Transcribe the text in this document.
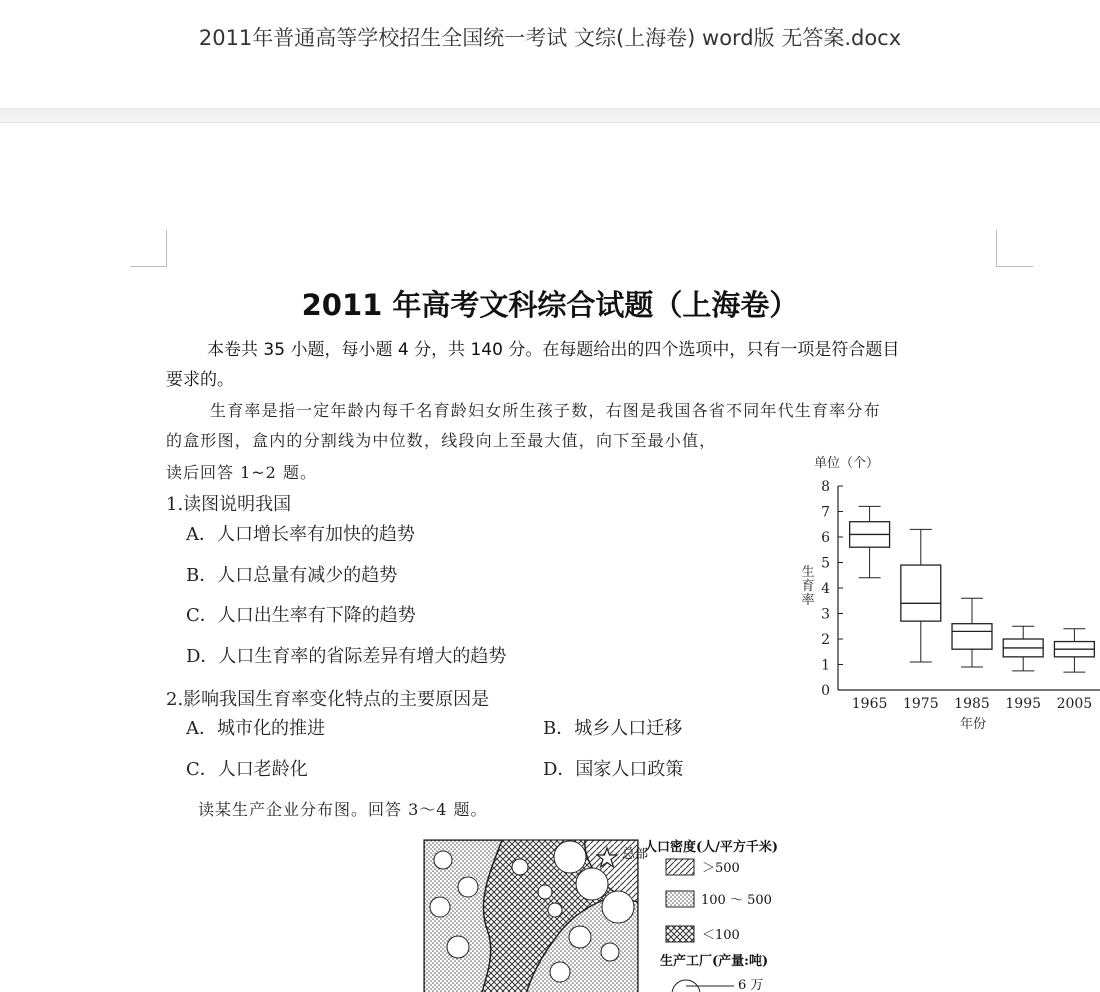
2011年普通高等学校招生全国统一考试 文综(上海卷) word版 无答案.docx
2011 年高考文科综合试题（上海卷）
本卷共 35 小题，每小题 4 分，共 140 分。在每题给出的四个选项中，只有一项是符合题目
要求的。
生育率是指一定年龄内每千名育龄妇女所生孩子数，右图是我国各省不同年代生育率分布
的盒形图，盒内的分割线为中位数，线段向上至最大值，向下至最小值，
读后回答 1~2 题。
1.读图说明我国
A．人口增长率有加快的趋势
B．人口总量有减少的趋势
C．人口出生率有下降的趋势
D．人口生育率的省际差异有增大的趋势
2.影响我国生育率变化特点的主要原因是
A．城市化的推进	B．城乡人口迁移
C．人口老龄化	D．国家人口政策
读某生产企业分布图。回答 3～4 题。
单位（个）
生育率
年份
0
1
2
3
4
5
6
7
8
1965 1975 1985 1995 2005
总部
人口密度(人/平方千米)
＞500
100 ～ 500
＜100
生产工厂(产量:吨)
6 万
